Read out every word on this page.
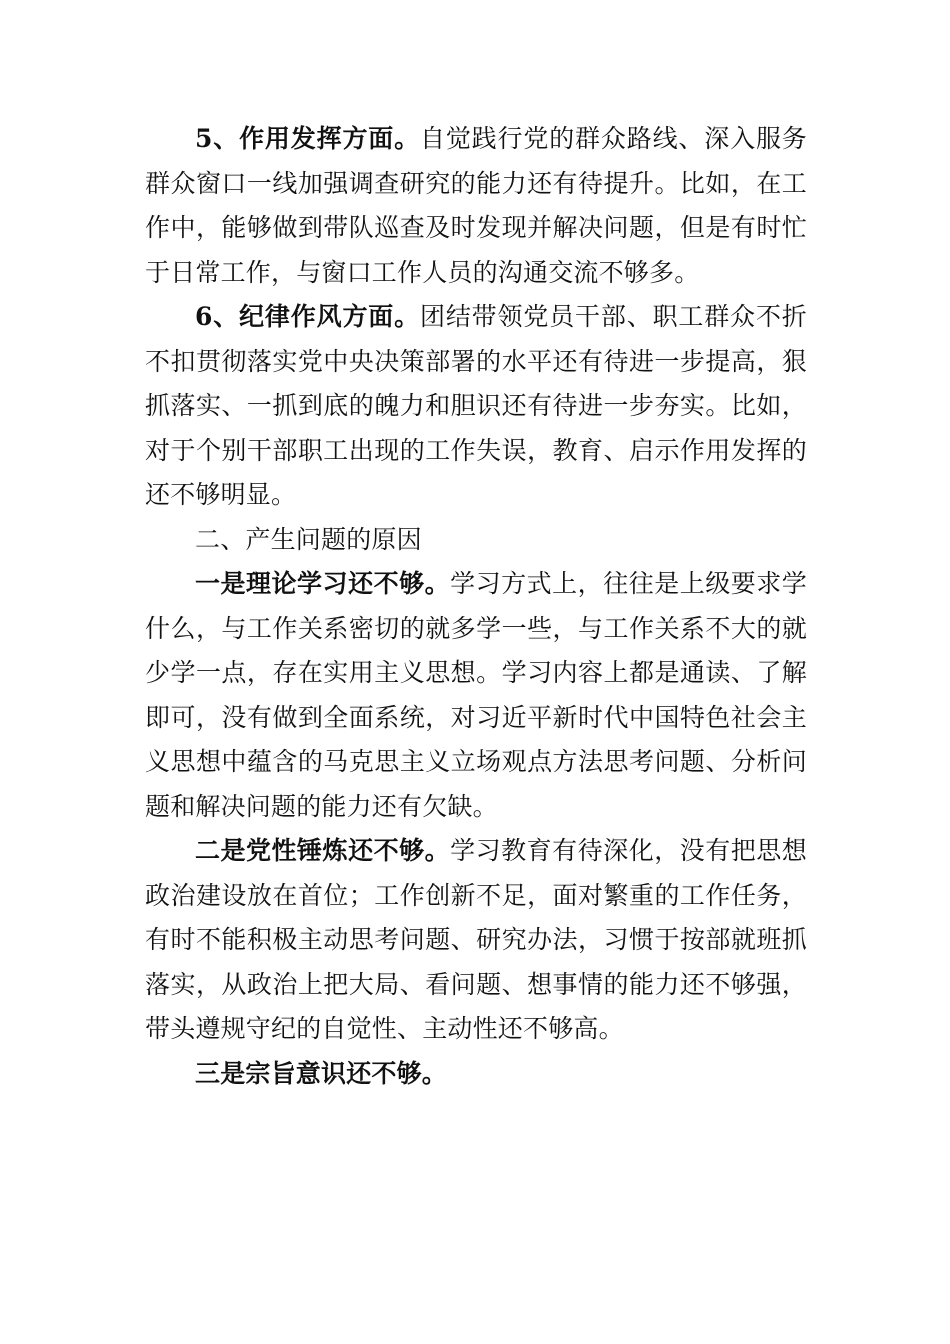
5、作用发挥方面。自觉践行党的群众路线、深入服务群众窗口一线加强调查研究的能力还有待提升。比如，在工作中，能够做到带队巡查及时发现并解决问题，但是有时忙于日常工作，与窗口工作人员的沟通交流不够多。

6、纪律作风方面。团结带领党员干部、职工群众不折不扣贯彻落实党中央决策部署的水平还有待进一步提高，狠抓落实、一抓到底的魄力和胆识还有待进一步夯实。比如，对于个别干部职工出现的工作失误，教育、启示作用发挥的还不够明显。

二、产生问题的原因

一是理论学习还不够。学习方式上，往往是上级要求学什么，与工作关系密切的就多学一些，与工作关系不大的就少学一点，存在实用主义思想。学习内容上都是通读、了解即可，没有做到全面系统，对习近平新时代中国特色社会主义思想中蕴含的马克思主义立场观点方法思考问题、分析问题和解决问题的能力还有欠缺。

二是党性锤炼还不够。学习教育有待深化，没有把思想政治建设放在首位；工作创新不足，面对繁重的工作任务，有时不能积极主动思考问题、研究办法，习惯于按部就班抓落实，从政治上把大局、看问题、想事情的能力还不够强，带头遵规守纪的自觉性、主动性还不够高。

三是宗旨意识还不够。
